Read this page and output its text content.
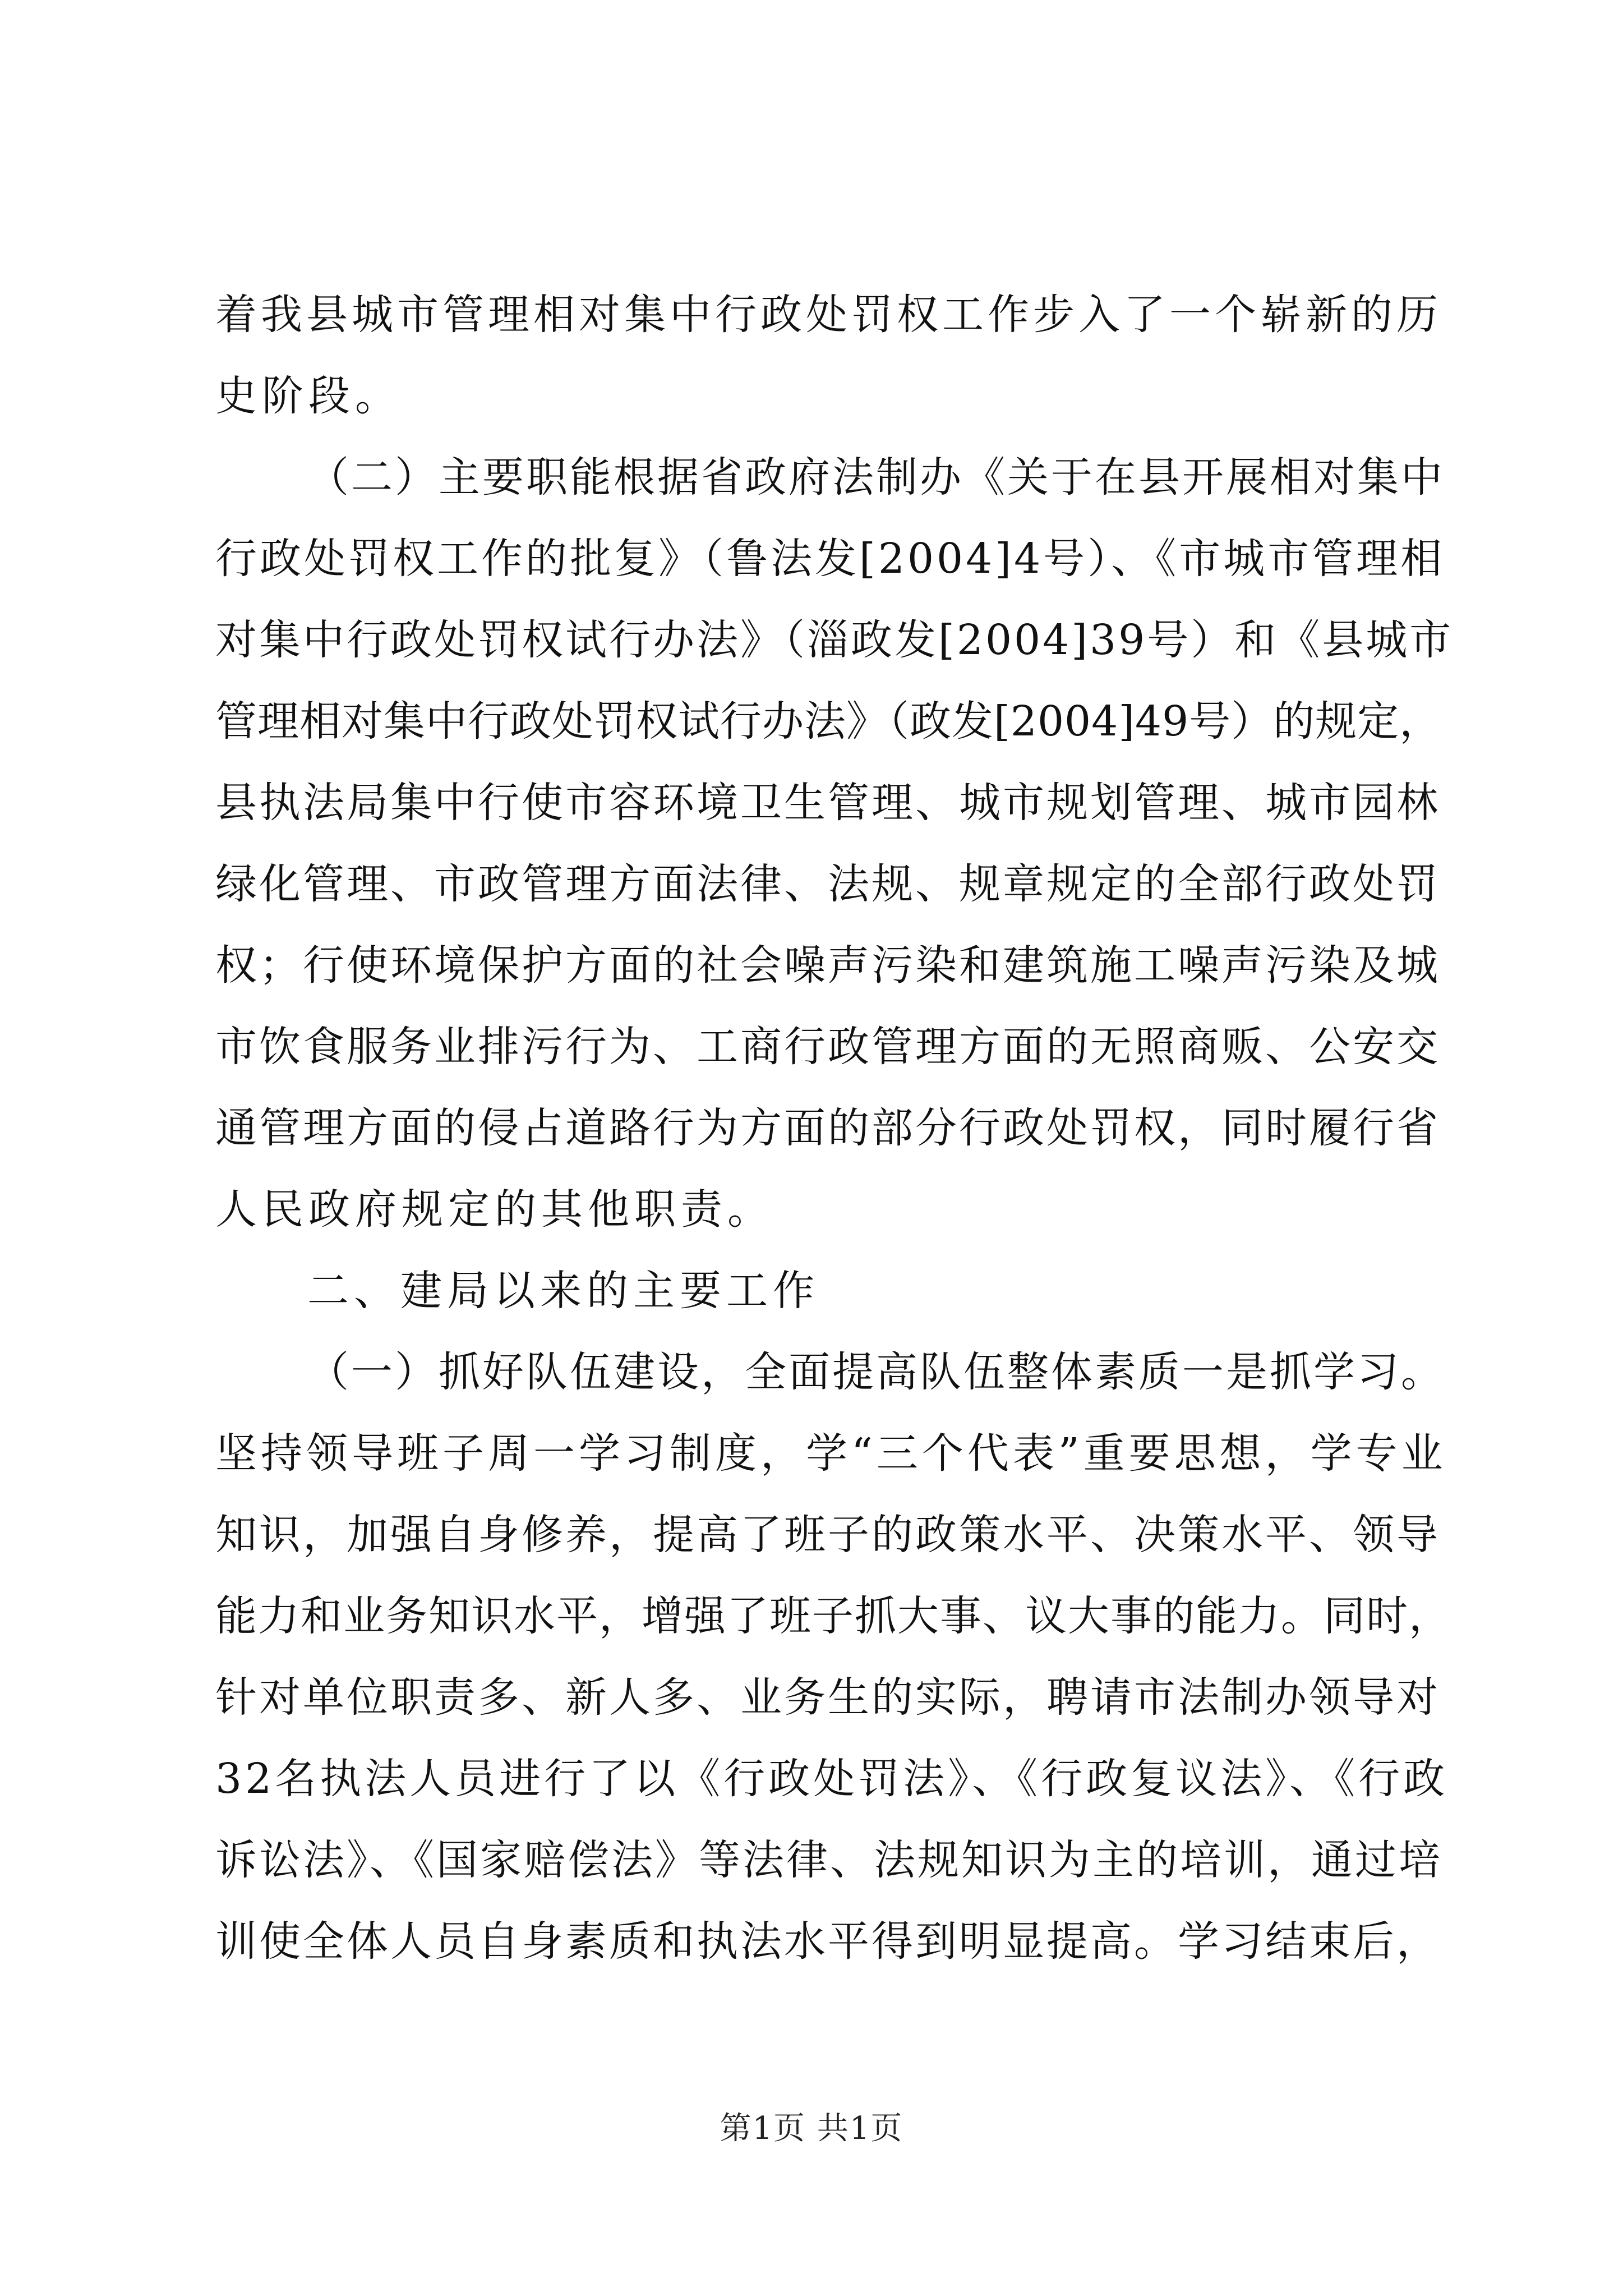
着我县城市管理相对集中行政处罚权工作步入了一个崭新的历
史阶段。
（二）主要职能根据省政府法制办《关于在县开展相对集中
行政处罚权工作的批复》（鲁法发[2004]4号）、《市城市管理相
对集中行政处罚权试行办法》（淄政发[2004]39号）和《县城市
管理相对集中行政处罚权试行办法》（政发[2004]49号）的规定，
县执法局集中行使市容环境卫生管理、城市规划管理、城市园林
绿化管理、市政管理方面法律、法规、规章规定的全部行政处罚
权；行使环境保护方面的社会噪声污染和建筑施工噪声污染及城
市饮食服务业排污行为、工商行政管理方面的无照商贩、公安交
通管理方面的侵占道路行为方面的部分行政处罚权，同时履行省
人民政府规定的其他职责。
二、建局以来的主要工作
（一）抓好队伍建设，全面提高队伍整体素质一是抓学习。
坚持领导班子周一学习制度，学“三个代表”重要思想，学专业
知识，加强自身修养，提高了班子的政策水平、决策水平、领导
能力和业务知识水平，增强了班子抓大事、议大事的能力。同时，
针对单位职责多、新人多、业务生的实际，聘请市法制办领导对
32名执法人员进行了以《行政处罚法》、《行政复议法》、《行政
诉讼法》、《国家赔偿法》等法律、法规知识为主的培训，通过培
训使全体人员自身素质和执法水平得到明显提高。学习结束后，
第1页 共1页
